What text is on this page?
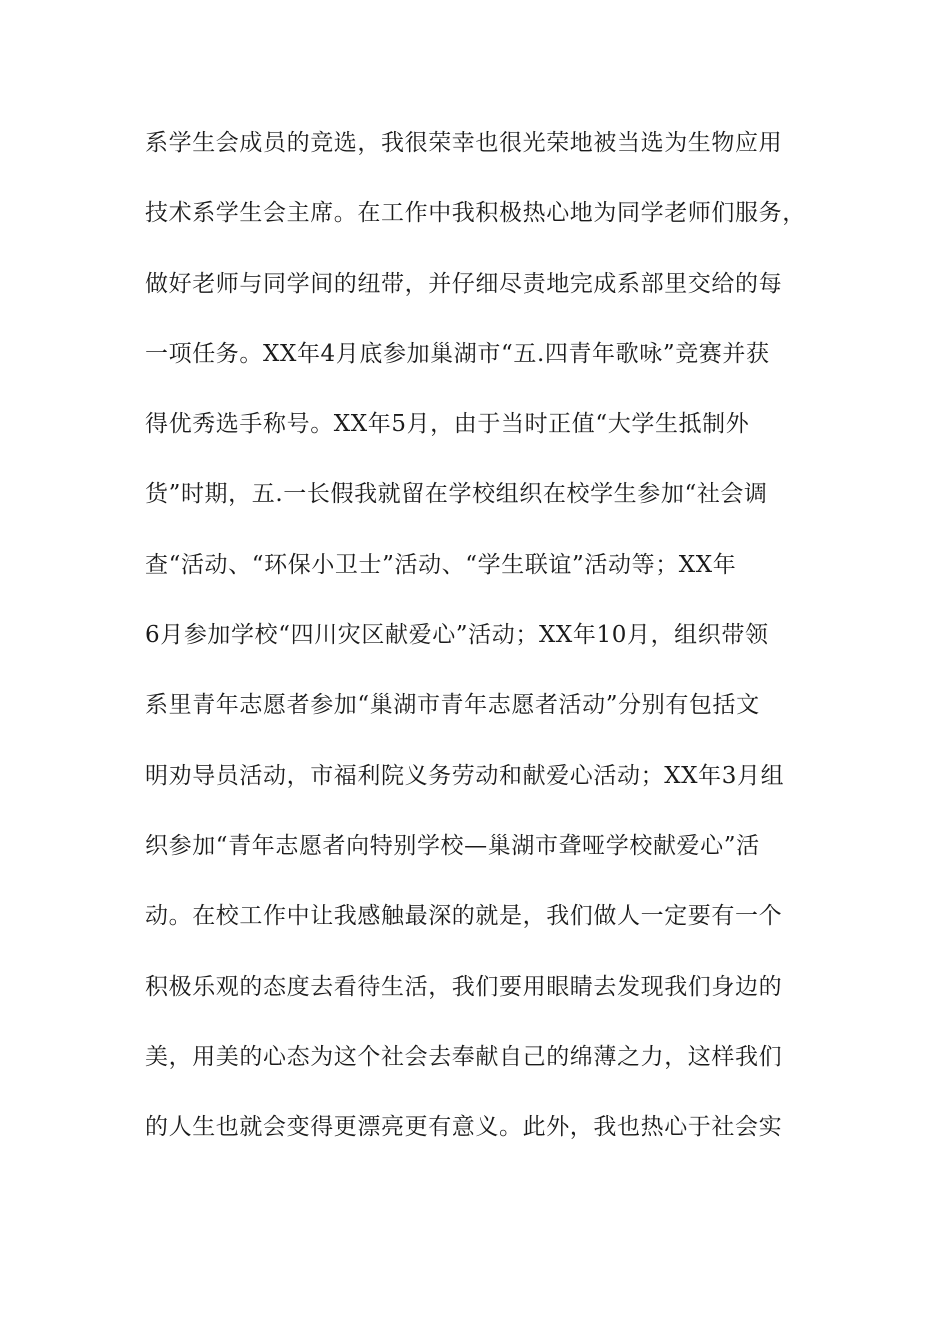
系学生会成员的竞选，我很荣幸也很光荣地被当选为生物应用
技术系学生会主席。在工作中我积极热心地为同学老师们服务，
做好老师与同学间的纽带，并仔细尽责地完成系部里交给的每
一项任务。XX年4月底参加巢湖市“五.四青年歌咏”竞赛并获
得优秀选手称号。XX年5月，由于当时正值“大学生抵制外
货”时期，五.一长假我就留在学校组织在校学生参加“社会调
查“活动、“环保小卫士”活动、“学生联谊”活动等；XX年
6月参加学校“四川灾区献爱心”活动；XX年10月，组织带领
系里青年志愿者参加“巢湖市青年志愿者活动”分别有包括文
明劝导员活动，市福利院义务劳动和献爱心活动；XX年3月组
织参加“青年志愿者向特别学校—巢湖市聋哑学校献爱心”活
动。在校工作中让我感触最深的就是，我们做人一定要有一个
积极乐观的态度去看待生活，我们要用眼睛去发现我们身边的
美，用美的心态为这个社会去奉献自己的绵薄之力，这样我们
的人生也就会变得更漂亮更有意义。此外，我也热心于社会实
